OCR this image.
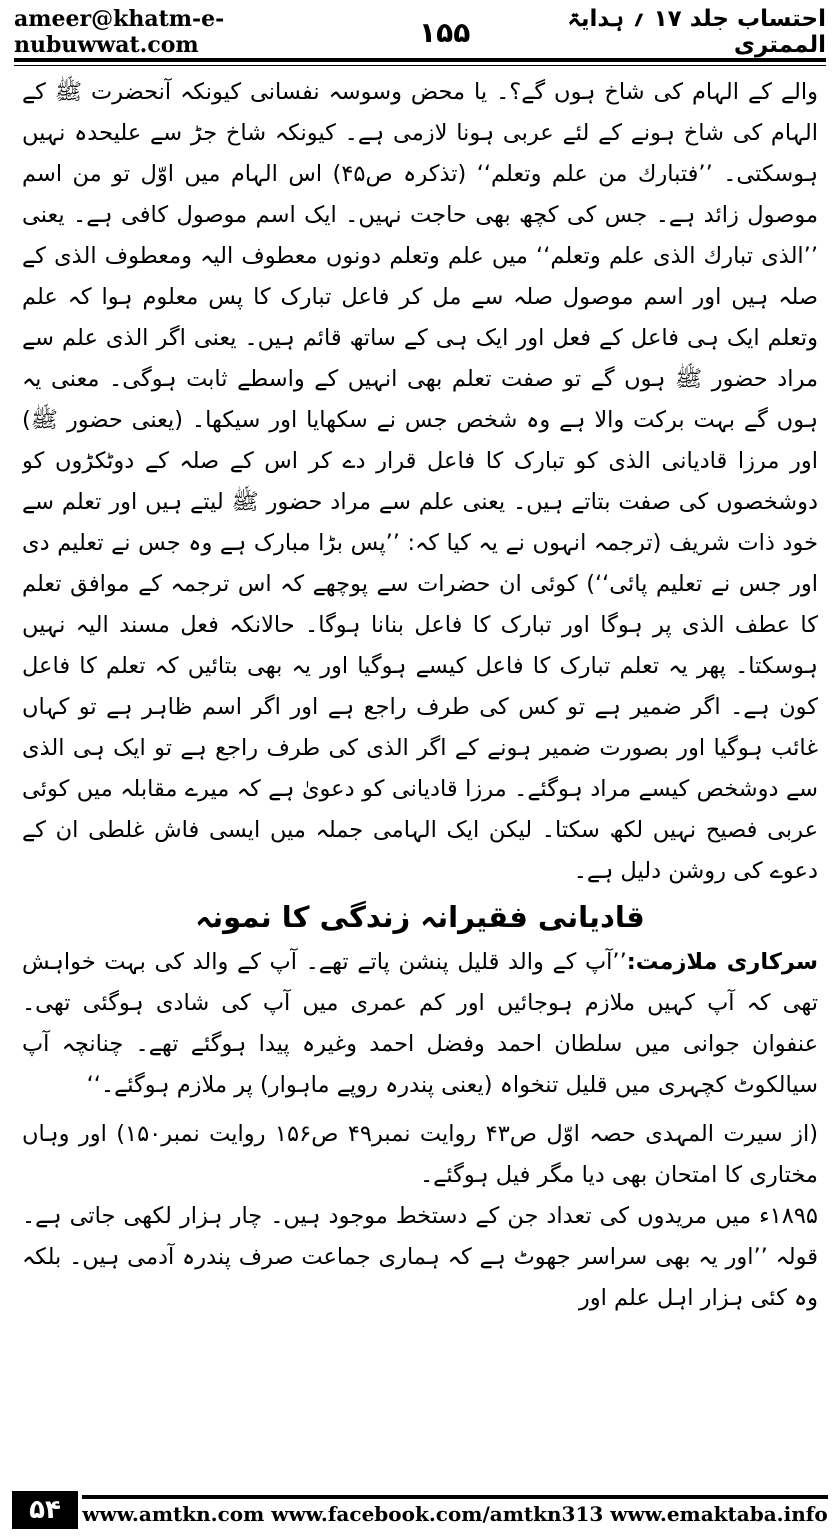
ameer@khatm-e-nubuwwat.com	۱۵۵	احتساب جلد ۱۷ ؍ ہدایۃ الممتری

والے کے الہام کی شاخ ہوں گے؟۔ یا محض وسوسہ نفسانی کیونکہ آنحضرت ﷺ کے الہام کی شاخ ہونے کے لئے عربی ہونا لازمی ہے۔ کیونکہ شاخ جڑ سے علیحدہ نہیں ہوسکتی۔ ’’فتبارك من علم وتعلم‘‘ (تذکرہ ص۴۵) اس الہام میں اوّل تو من اسم موصول زائد ہے۔ جس کی کچھ بھی حاجت نہیں۔ ایک اسم موصول کافی ہے۔ یعنی ’’الذی تبارك الذی علم وتعلم‘‘ میں علم وتعلم دونوں معطوف الیہ ومعطوف الذی کے صلہ ہیں اور اسم موصول صلہ سے مل کر فاعل تبارک کا پس معلوم ہوا کہ علم وتعلم ایک ہی فاعل کے فعل اور ایک ہی کے ساتھ قائم ہیں۔ یعنی اگر الذی علم سے مراد حضور ﷺ ہوں گے تو صفت تعلم بھی انہیں کے واسطے ثابت ہوگی۔ معنی یہ ہوں گے بہت برکت والا ہے وہ شخص جس نے سکھایا اور سیکھا۔ (یعنی حضور ﷺ) اور مرزا قادیانی الذی کو تبارک کا فاعل قرار دے کر اس کے صلہ کے دوٹکڑوں کو دوشخصوں کی صفت بتاتے ہیں۔ یعنی علم سے مراد حضور ﷺ لیتے ہیں اور تعلم سے خود ذات شریف (ترجمہ انہوں نے یہ کیا کہ: ’’پس بڑا مبارک ہے وہ جس نے تعلیم دی اور جس نے تعلیم پائی‘‘) کوئی ان حضرات سے پوچھے کہ اس ترجمہ کے موافق تعلم کا عطف الذی پر ہوگا اور تبارک کا فاعل بنانا ہوگا۔ حالانکہ فعل مسند الیہ نہیں ہوسکتا۔ پھر یہ تعلم تبارک کا فاعل کیسے ہوگیا اور یہ بھی بتائیں کہ تعلم کا فاعل کون ہے۔ اگر ضمیر ہے تو کس کی طرف راجع ہے اور اگر اسم ظاہر ہے تو کہاں غائب ہوگیا اور بصورت ضمیر ہونے کے اگر الذی کی طرف راجع ہے تو ایک ہی الذی سے دوشخص کیسے مراد ہوگئے۔ مرزا قادیانی کو دعویٰ ہے کہ میرے مقابلہ میں کوئی عربی فصیح نہیں لکھ سکتا۔ لیکن ایک الہامی جملہ میں ایسی فاش غلطی ان کے دعوے کی روشن دلیل ہے۔

قادیانی فقیرانہ زندگی کا نمونہ

سرکاری ملازمت:’’آپ کے والد قلیل پنشن پاتے تھے۔ آپ کے والد کی بہت خواہش تھی کہ آپ کہیں ملازم ہوجائیں اور کم عمری میں آپ کی شادی ہوگئی تھی۔ عنفوان جوانی میں سلطان احمد وفضل احمد وغیرہ پیدا ہوگئے تھے۔ چنانچہ آپ سیالکوٹ کچہری میں قلیل تنخواہ (یعنی پندرہ روپے ماہوار) پر ملازم ہوگئے۔‘‘

(از سیرت المہدی حصہ اوّل ص۴۳ روایت نمبر۴۹ ص۱۵۶ روایت نمبر۱۵۰) اور وہاں مختاری کا امتحان بھی دیا مگر فیل ہوگئے۔

۱۸۹۵ء میں مریدوں کی تعداد جن کے دستخط موجود ہیں۔ چار ہزار لکھی جاتی ہے۔ قولہ ’’اور یہ بھی سراسر جھوٹ ہے کہ ہماری جماعت صرف پندرہ آدمی ہیں۔ بلکہ وہ کئی ہزار اہل علم اور

۵۴	www.amtkn.com www.facebook.com/amtkn313 www.emaktaba.info
